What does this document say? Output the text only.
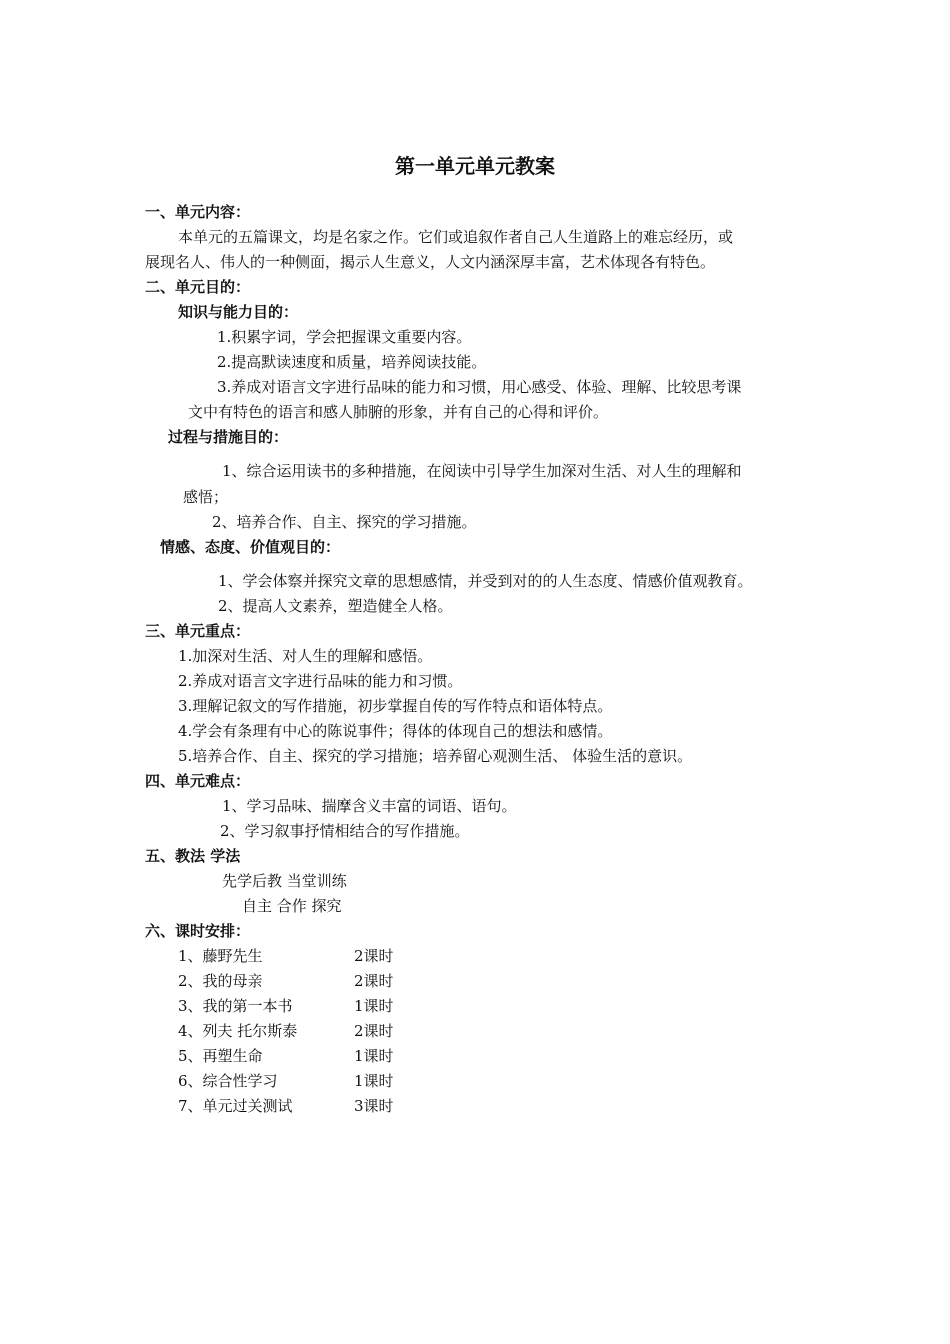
第一单元单元教案
一、单元内容：
本单元的五篇课文，均是名家之作。它们或追叙作者自己人生道路上的难忘经历，或
展现名人、伟人的一种侧面，揭示人生意义，人文内涵深厚丰富，艺术体现各有特色。
二、单元目的：
知识与能力目的：
1.积累字词，学会把握课文重要内容。
2.提高默读速度和质量，培养阅读技能。
3.养成对语言文字进行品味的能力和习惯，用心感受、体验、理解、比较思考课
文中有特色的语言和感人肺腑的形象，并有自己的心得和评价。
过程与措施目的：
1、综合运用读书的多种措施，在阅读中引导学生加深对生活、对人生的理解和
感悟；
2、培养合作、自主、探究的学习措施。
情感、态度、价值观目的：
1、学会体察并探究文章的思想感情，并受到对的的人生态度、情感价值观教育。
2、提高人文素养，塑造健全人格。
三、单元重点：
1.加深对生活、对人生的理解和感悟。
2.养成对语言文字进行品味的能力和习惯。
3.理解记叙文的写作措施，初步掌握自传的写作特点和语体特点。
4.学会有条理有中心的陈说事件；得体的体现自己的想法和感情。
5.培养合作、自主、探究的学习措施；培养留心观测生活、 体验生活的意识。
四、单元难点：
1、学习品味、揣摩含义丰富的词语、语句。
2、学习叙事抒情相结合的写作措施。
五、教法 学法
先学后教 当堂训练
自主 合作 探究
六、课时安排：
1、藤野先生	2课时
2、我的母亲	2课时
3、我的第一本书	1课时
4、列夫 托尔斯泰	2课时
5、再塑生命	1课时
6、综合性学习	1课时
7、单元过关测试	3课时
